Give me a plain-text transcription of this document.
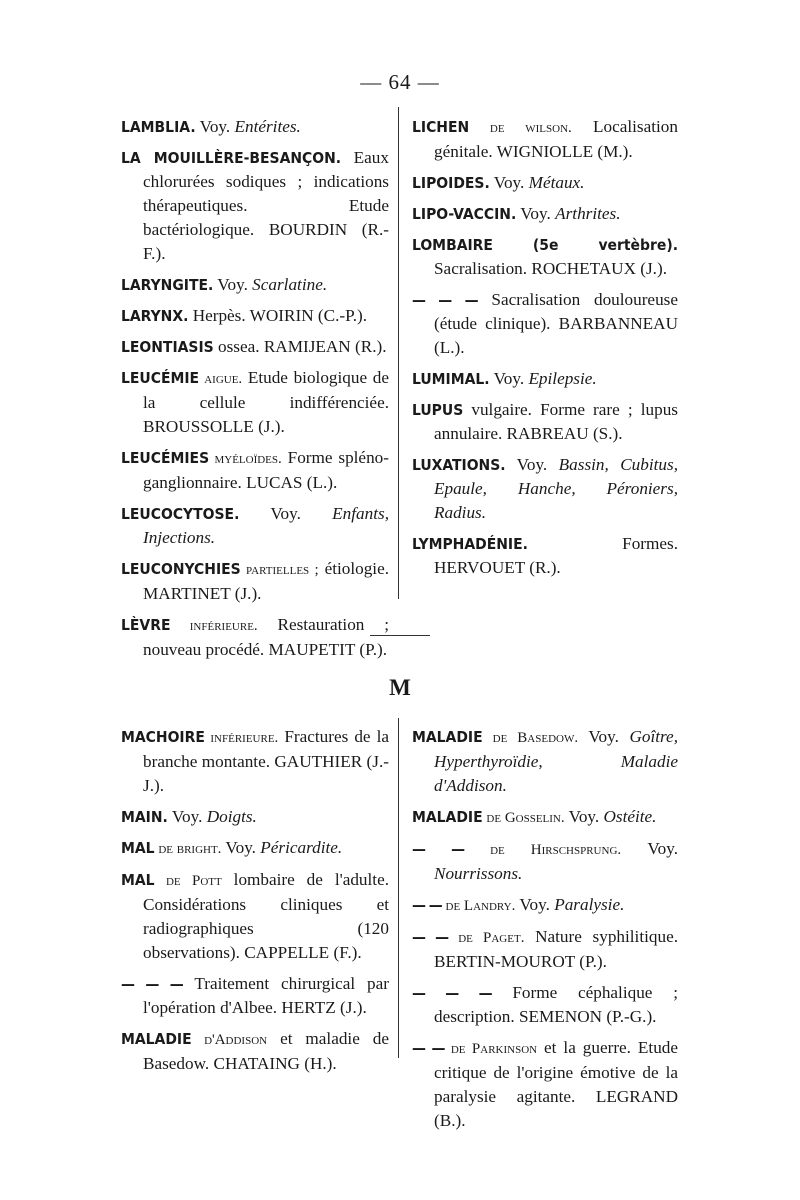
— 64 —

LAMBLIA. Voy. Entérites.

LA MOUILLÈRE-BESANÇON. Eaux chlorurées sodiques ; indications thérapeutiques. Etude bactériologique. BOURDIN (R.-F.).

LARYNGITE. Voy. Scarlatine.

LARYNX. Herpès. WOIRIN (C.-P.).

LEONTIASIS ossea. RAMIJEAN (R.).

LEUCÉMIE aigue. Etude biologique de la cellule indifférenciée. BROUSSOLLE (J.).

LEUCÉMIES myéloïdes. Forme spléno-ganglionnaire. LUCAS (L.).

LEUCOCYTOSE. Voy. Enfants, Injections.

LEUCONYCHIES partielles ; étiologie. MARTINET (J.).

LÈVRE inférieure. Restauration ; nouveau procédé. MAUPETIT (P.).

LICHEN de wilson. Localisation génitale. WIGNIOLLE (M.).

LIPOIDES. Voy. Métaux.

LIPO-VACCIN. Voy. Arthrites.

LOMBAIRE (5e vertèbre). Sacralisation. ROCHETAUX (J.).

— — — Sacralisation douloureuse (étude clinique). BARBANNEAU (L.).

LUMIMAL. Voy. Epilepsie.

LUPUS vulgaire. Forme rare ; lupus annulaire. RABREAU (S.).

LUXATIONS. Voy. Bassin, Cubitus, Epaule, Hanche, Péroniers, Radius.

LYMPHADÉNIE. Formes. HERVOUET (R.).

M

MACHOIRE inférieure. Fractures de la branche montante. GAUTHIER (J.-J.).

MAIN. Voy. Doigts.

MAL de bright. Voy. Péricardite.

MAL de Pott lombaire de l'adulte. Considérations cliniques et radiographiques (120 observations). CAPPELLE (F.).

— — — Traitement chirurgical par l'opération d'Albee. HERTZ (J.).

MALADIE d'Addison et maladie de Basedow. CHATAING (H.).

MALADIE de Basedow. Voy. Goître, Hyperthyroïdie, Maladie d'Addison.

MALADIE de Gosselin. Voy. Ostéite.

— — de Hirschsprung. Voy. Nourrissons.

— — de Landry. Voy. Paralysie.

— — de Paget. Nature syphilitique. BERTIN-MOUROT (P.).

— — — Forme céphalique ; description. SEMENON (P.-G.).

— — de Parkinson et la guerre. Etude critique de l'origine émotive de la paralysie agitante. LEGRAND (B.).
